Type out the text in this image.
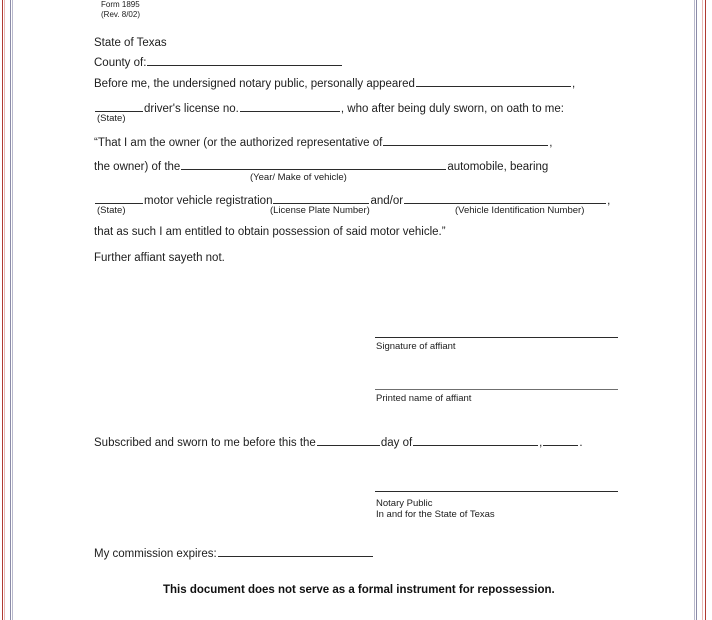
Form 1895
(Rev. 8/02)
State of Texas
County of:
Before me, the undersigned notary public, personally appeared	,
driver's license no.	, who after being duly sworn, on oath to me:
(State)
“That I am the owner (or the authorized representative of	,
the owner) of the	automobile, bearing
(Year/ Make of vehicle)
motor vehicle registration	and/or	,
(State)	(License Plate Number)	(Vehicle Identification Number)
that as such I am entitled to obtain possession of said motor vehicle.”
Further affiant sayeth not.
Signature of affiant
Printed name of affiant
Subscribed and sworn to me before this the	day of	,	.
Notary Public
In and for the State of Texas
My commission expires:
This document does not serve as a formal instrument for repossession.
